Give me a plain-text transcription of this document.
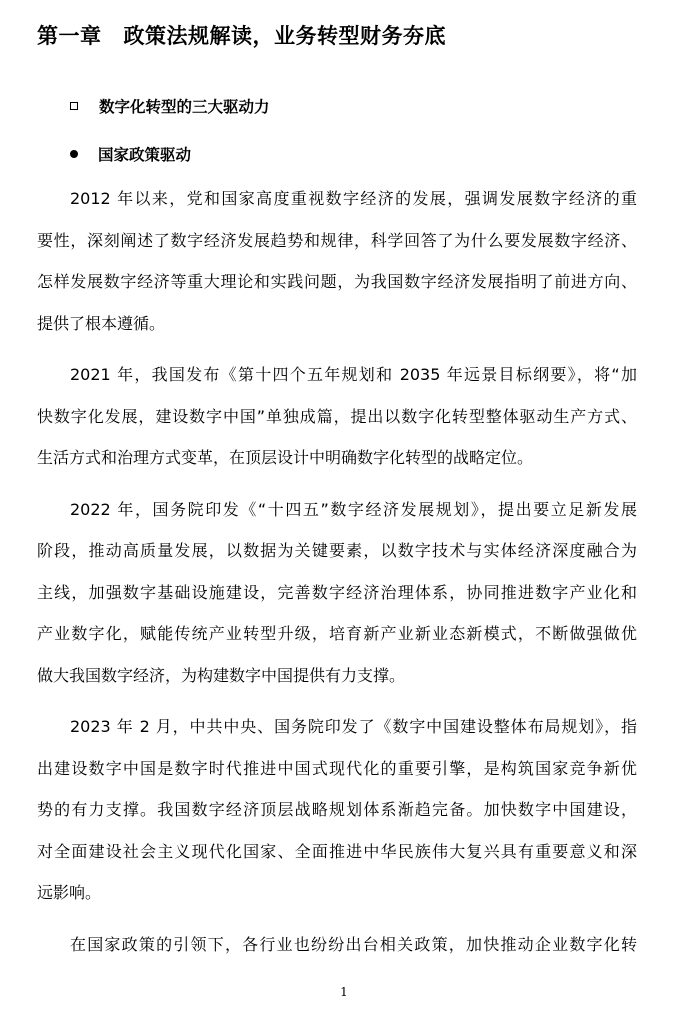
第一章 政策法规解读，业务转型财务夯底
数字化转型的三大驱动力
国家政策驱动
2012 年以来，党和国家高度重视数字经济的发展，强调发展数字经济的重
要性，深刻阐述了数字经济发展趋势和规律，科学回答了为什么要发展数字经济、
怎样发展数字经济等重大理论和实践问题，为我国数字经济发展指明了前进方向、
提供了根本遵循。
2021 年，我国发布《第十四个五年规划和 2035 年远景目标纲要》，将“加
快数字化发展，建设数字中国”单独成篇，提出以数字化转型整体驱动生产方式、
生活方式和治理方式变革，在顶层设计中明确数字化转型的战略定位。
2022 年，国务院印发《“十四五”数字经济发展规划》，提出要立足新发展
阶段，推动高质量发展，以数据为关键要素，以数字技术与实体经济深度融合为
主线，加强数字基础设施建设，完善数字经济治理体系，协同推进数字产业化和
产业数字化，赋能传统产业转型升级，培育新产业新业态新模式，不断做强做优
做大我国数字经济，为构建数字中国提供有力支撑。
2023 年 2 月，中共中央、国务院印发了《数字中国建设整体布局规划》，指
出建设数字中国是数字时代推进中国式现代化的重要引擎，是构筑国家竞争新优
势的有力支撑。我国数字经济顶层战略规划体系渐趋完备。加快数字中国建设，
对全面建设社会主义现代化国家、全面推进中华民族伟大复兴具有重要意义和深
远影响。
在国家政策的引领下，各行业也纷纷出台相关政策，加快推动企业数字化转
1
